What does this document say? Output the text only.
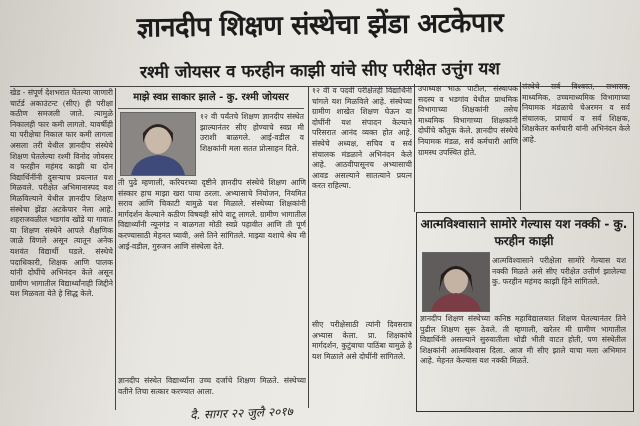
ज्ञानदीप शिक्षण संस्थेचा झेंडा अटकेपार
रश्मी जोयसर व फरहीन काझी यांचे सीए परीक्षेत उत्तुंग यश
खेड - संपूर्ण देशभरात घेतल्या जाणारी चार्टर्ड अकाउंटन्ट (सीए) ही परीक्षा कठीण समजली जाते. त्यामुळे निकालही फार कमी लागतो. यावर्षीही या परीक्षेचा निकाल फार कमी लागला असला तरी येथील ज्ञानदीप संस्थेचे शिक्षण घेतलेल्या रश्मी विनोद जोयसर व फरहीन महंमद काझी या दोन विद्यार्थिनींनी दुसऱ्याच प्रयत्नात यश मिळवले. परीक्षेत अभिमानास्पद यश मिळविल्याने येथील ज्ञानदीप शिक्षण संस्थेचा झेंडा अटकेपार नेला आहे. शहराजवळील भडगांव खोंडे या गावात या शिक्षण संस्थेने आपले शैक्षणिक जाळे विणले असून त्यातून अनेक यशवंत विद्यार्थी घडले. संस्थेचे पदाधिकारी, शिक्षक आणि पालक यांनी दोघींचे अभिनंदन केले असून ग्रामीण भागातील विद्यार्थ्यांनाही जिद्दीने यश मिळवता येते हे सिद्ध केले.
माझे स्वप्न साकार झाले - कु. रश्मी जोयसर
१२ वी पर्यंतचे शिक्षण ज्ञानदीप संस्थेत झाल्यानंतर सीए होण्याचे स्वप्न मी उराशी बाळगले. आई-वडील व शिक्षकांनी मला सतत प्रोत्साहन दिले.
ती पुढे म्हणाली, करियरच्या दृष्टीने ज्ञानदीप संस्थेचे शिक्षण आणि संस्कार हाच माझा खरा पाया ठरला. अभ्यासाचे नियोजन, नियमित सराव आणि चिकाटी यामुळे यश मिळाले. संस्थेच्या शिक्षकांनी मार्गदर्शन केल्याने कठीण विषयही सोपे वाटू लागले. ग्रामीण भागातील विद्यार्थ्यांनी न्यूनगंड न बाळगता मोठी स्वप्ने पहावीत आणि ती पूर्ण करण्यासाठी मेहनत घ्यावी, असे तिने सांगितले. माझ्या यशाचे श्रेय मी आई-वडील, गुरुजन आणि संस्थेला देते.
ज्ञानदीप संस्थेत विद्यार्थ्यांना उच्च दर्जाचे शिक्षण मिळते. संस्थेच्या वतीने तिचा सत्कार करण्यात आला.
१२ वी व पदवी परीक्षेतही विद्यार्थिनी चांगले यश मिळविले आहे. संस्थेच्या ग्रामीण शाखेत शिक्षण घेऊन या दोघींनी यश संपादन केल्याने परिसरात आनंद व्यक्त होत आहे. संस्थेचे अध्यक्ष, सचिव व सर्व संचालक मंडळाने अभिनंदन केले आहे. आठवीपासूनच अभ्यासाची आवड असल्याने सातत्याने प्रयत्न करत राहिल्या.
सीए परीक्षेसाठी त्यांनी दिवसरात्र अभ्यास केला. प्रा. शिक्षकांचे मार्गदर्शन, कुटुंबाचा पाठिंबा यामुळे हे यश मिळाले असे दोघींनी सांगितले.
उपाध्यक्ष भाऊ पाटील, संस्थापक सदस्य व भडगांव येथील प्राथमिक विभागाच्या शिक्षकांनी तसेच माध्यमिक विभागाच्या शिक्षकांनी दोघींचे कौतुक केले. ज्ञानदीप संस्थेचे नियामक मंडळ, सर्व कर्मचारी आणि ग्रामस्थ उपस्थित होते.
संस्थेचे सर्व विश्वस्त, सभासद, माध्यमिक, उच्चमाध्यमिक विभागाच्या नियामक मंडळाचे चेअरमन व सर्व संचालक, प्राचार्य व सर्व शिक्षक, शिक्षकेतर कर्मचारी यांनी अभिनंदन केले आहे.
आत्मविश्वासाने सामोरे गेल्यास यश नक्की - कु. फरहीन काझी
आत्मविश्वासाने परीक्षेला सामोरे गेल्यास यश नक्की मिळते असे सीए परीक्षेत उत्तीर्ण झालेल्या कु. फरहीन महंमद काझी हिने सांगितले.
ज्ञानदीप शिक्षण संस्थेच्या कनिष्ठ महाविद्यालयात शिक्षण घेतल्यानंतर तिने पुढील शिक्षण सुरू ठेवले. ती म्हणाली, खरेतर मी ग्रामीण भागातील विद्यार्थिनी असल्याने सुरुवातीला थोडी भीती वाटत होती, पण संस्थेतील शिक्षकांनी आत्मविश्वास दिला. आज मी सीए झाले याचा मला अभिमान आहे. मेहनत केल्यास यश नक्की मिळते.
दै. सागर २२ जुलै २०१७
